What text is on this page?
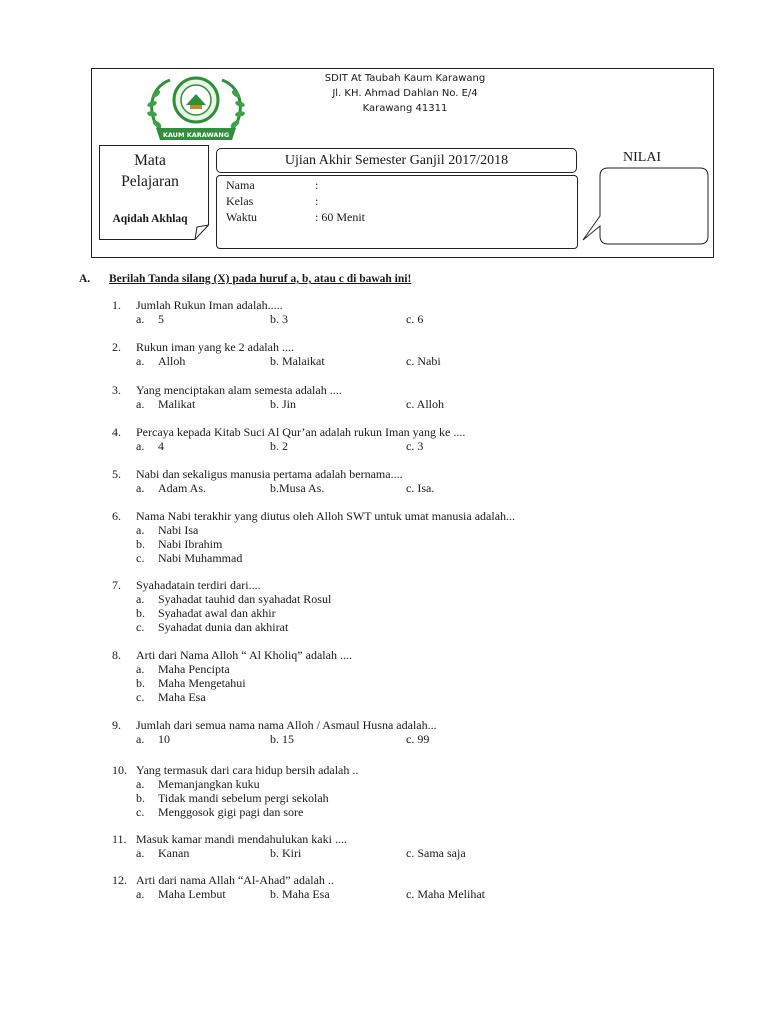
KAUM KARAWANG
SDIT At Taubah Kaum Karawang
Jl. KH. Ahmad Dahlan No. E/4
Karawang 41311
Mata
Pelajaran
Aqidah Akhlaq
Ujian Akhir Semester Ganjil 2017/2018
Nama	:
Kelas	:
Waktu	: 60 Menit
NILAI
A. Berilah Tanda silang (X) pada huruf a, b, atau c di bawah ini!
1.	Jumlah Rukun Iman adalah.....
a. 5	b. 3	c. 6
2.	Rukun iman yang ke 2 adalah ....
a. Alloh	b. Malaikat	c. Nabi
3.	Yang menciptakan alam semesta adalah ....
a. Malikat	b. Jin	c. Alloh
4.	Percaya kepada Kitab Suci Al Qur’an adalah rukun Iman yang ke ....
a. 4	b. 2	c. 3
5.	Nabi dan sekaligus manusia pertama adalah bernama....
a. Adam As.	b.Musa As.	c. Isa.
6.	Nama Nabi terakhir yang diutus oleh Alloh SWT untuk umat manusia adalah...
a. Nabi Isa
b. Nabi Ibrahim
c. Nabi Muhammad
7.	Syahadatain terdiri dari....
a. Syahadat tauhid dan syahadat Rosul
b. Syahadat awal dan akhir
c. Syahadat dunia dan akhirat
8.	Arti dari Nama Alloh “ Al Kholiq” adalah ....
a. Maha Pencipta
b. Maha Mengetahui
c. Maha Esa
9.	Jumlah dari semua nama nama Alloh / Asmaul Husna adalah...
a. 10	b. 15	c. 99
10. Yang termasuk dari cara hidup bersih adalah ..
a. Memanjangkan kuku
b. Tidak mandi sebelum pergi sekolah
c. Menggosok gigi pagi dan sore
11. Masuk kamar mandi mendahulukan kaki ....
a. Kanan	b. Kiri	c. Sama saja
12. Arti dari nama Allah “Al-Ahad” adalah ..
a. Maha Lembut	b. Maha Esa	c. Maha Melihat
